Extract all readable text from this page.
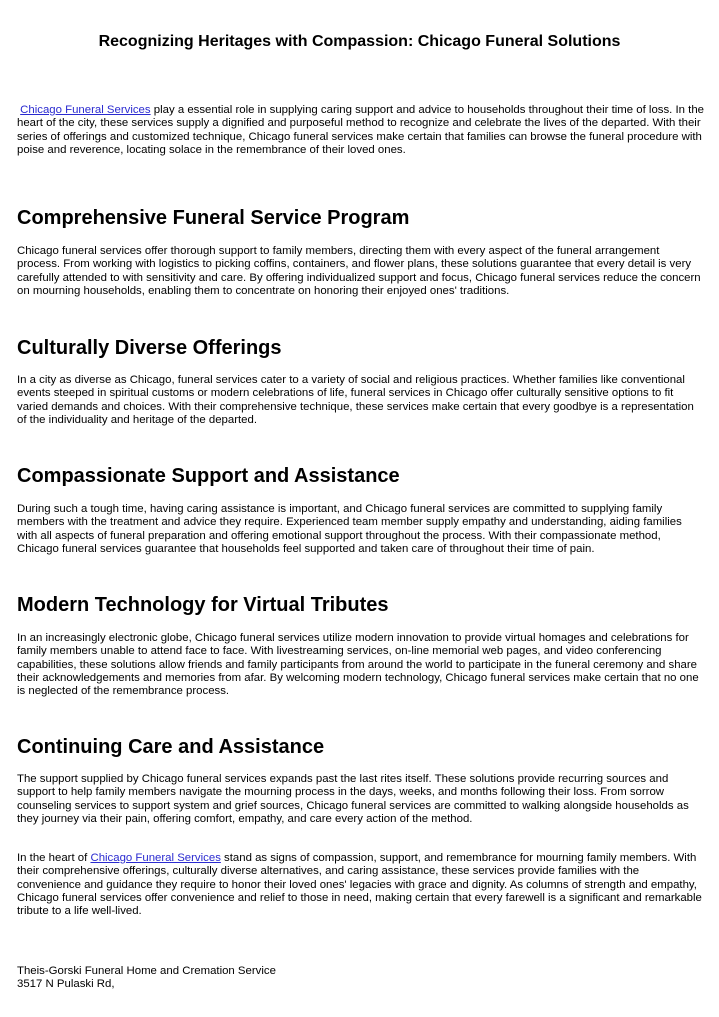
Recognizing Heritages with Compassion: Chicago Funeral Solutions

Chicago Funeral Services play a essential role in supplying caring support and advice to households throughout their time of loss. In the heart of the city, these services supply a dignified and purposeful method to recognize and celebrate the lives of the departed. With their series of offerings and customized technique, Chicago funeral services make certain that families can browse the funeral procedure with poise and reverence, locating solace in the remembrance of their loved ones.

Comprehensive Funeral Service Program

Chicago funeral services offer thorough support to family members, directing them with every aspect of the funeral arrangement process. From working with logistics to picking coffins, containers, and flower plans, these solutions guarantee that every detail is very carefully attended to with sensitivity and care. By offering individualized support and focus, Chicago funeral services reduce the concern on mourning households, enabling them to concentrate on honoring their enjoyed ones' traditions.

Culturally Diverse Offerings

In a city as diverse as Chicago, funeral services cater to a variety of social and religious practices. Whether families like conventional events steeped in spiritual customs or modern celebrations of life, funeral services in Chicago offer culturally sensitive options to fit varied demands and choices. With their comprehensive technique, these services make certain that every goodbye is a representation of the individuality and heritage of the departed.

Compassionate Support and Assistance

During such a tough time, having caring assistance is important, and Chicago funeral services are committed to supplying family members with the treatment and advice they require. Experienced team member supply empathy and understanding, aiding families with all aspects of funeral preparation and offering emotional support throughout the process. With their compassionate method, Chicago funeral services guarantee that households feel supported and taken care of throughout their time of pain.

Modern Technology for Virtual Tributes

In an increasingly electronic globe, Chicago funeral services utilize modern innovation to provide virtual homages and celebrations for family members unable to attend face to face. With livestreaming services, on-line memorial web pages, and video conferencing capabilities, these solutions allow friends and family participants from around the world to participate in the funeral ceremony and share their acknowledgements and memories from afar. By welcoming modern technology, Chicago funeral services make certain that no one is neglected of the remembrance process.

Continuing Care and Assistance

The support supplied by Chicago funeral services expands past the last rites itself. These solutions provide recurring sources and support to help family members navigate the mourning process in the days, weeks, and months following their loss. From sorrow counseling services to support system and grief sources, Chicago funeral services are committed to walking alongside households as they journey via their pain, offering comfort, empathy, and care every action of the method.

In the heart of Chicago Funeral Services stand as signs of compassion, support, and remembrance for mourning family members. With their comprehensive offerings, culturally diverse alternatives, and caring assistance, these services provide families with the convenience and guidance they require to honor their loved ones' legacies with grace and dignity. As columns of strength and empathy, Chicago funeral services offer convenience and relief to those in need, making certain that every farewell is a significant and remarkable tribute to a life well-lived.

Theis-Gorski Funeral Home and Cremation Service
3517 N Pulaski Rd,
